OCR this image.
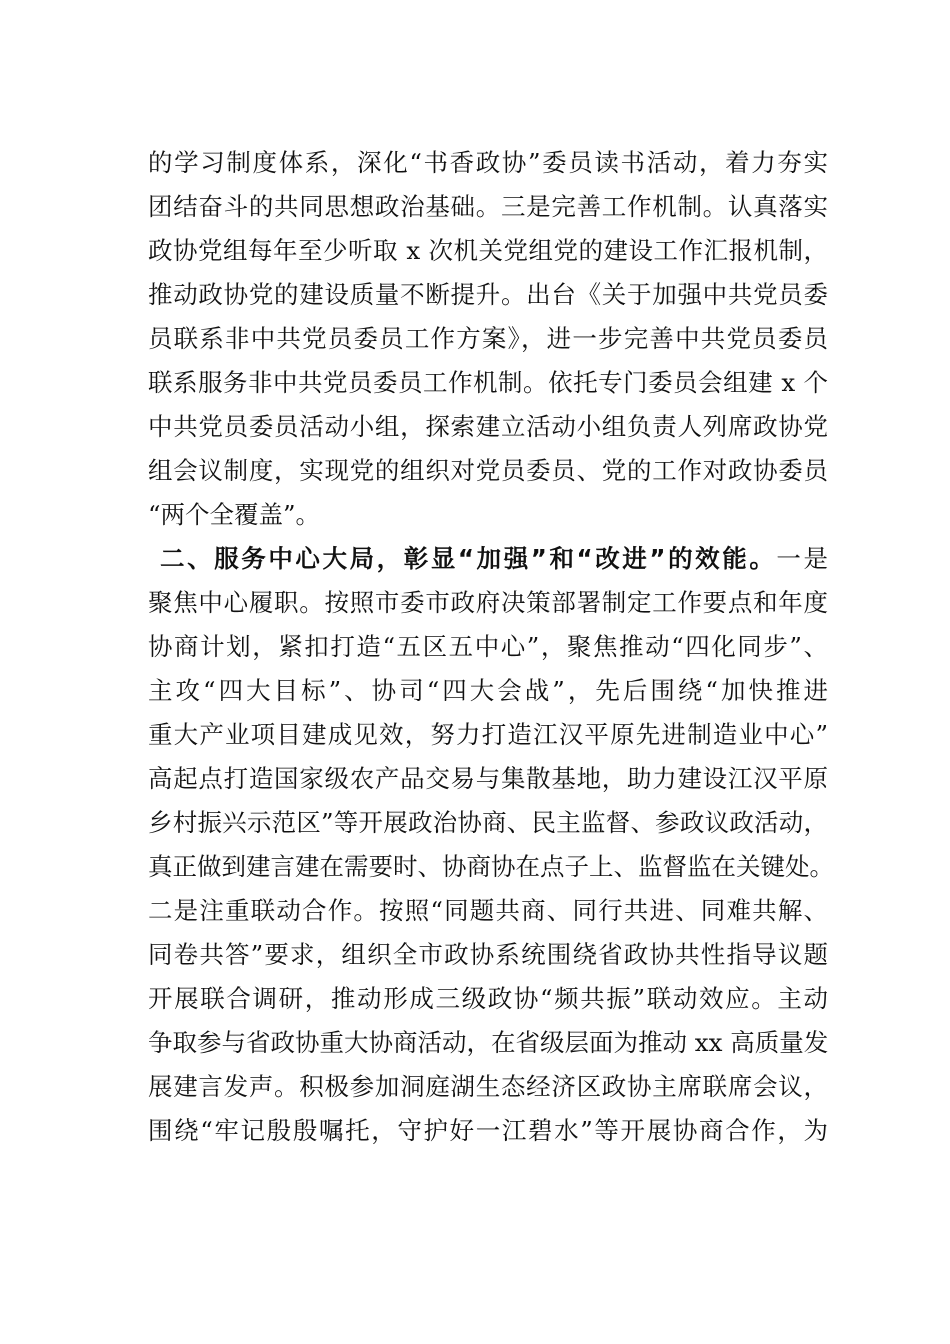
的学习制度体系，深化“书香政协”委员读书活动，着力夯实
团结奋斗的共同思想政治基础。三是完善工作机制。认真落实
政协党组每年至少听取 x 次机关党组党的建设工作汇报机制，
推动政协党的建设质量不断提升。出台《关于加强中共党员委
员联系非中共党员委员工作方案》，进一步完善中共党员委员
联系服务非中共党员委员工作机制。依托专门委员会组建 x 个
中共党员委员活动小组，探索建立活动小组负责人列席政协党
组会议制度，实现党的组织对党员委员、党的工作对政协委员
“两个全覆盖”。
二、服务中心大局，彰显“加强”和“改进”的效能。一是
聚焦中心履职。按照市委市政府决策部署制定工作要点和年度
协商计划，紧扣打造“五区五中心”，聚焦推动“四化同步”、
主攻“四大目标”、协司“四大会战”，先后围绕“加快推进
重大产业项目建成见效，努力打造江汉平原先进制造业中心”
高起点打造国家级农产品交易与集散基地，助力建设江汉平原
乡村振兴示范区”等开展政治协商、民主监督、参政议政活动，
真正做到建言建在需要时、协商协在点子上、监督监在关键处。
二是注重联动合作。按照“同题共商、同行共进、同难共解、
同卷共答”要求，组织全市政协系统围绕省政协共性指导议题
开展联合调研，推动形成三级政协“频共振”联动效应。主动
争取参与省政协重大协商活动，在省级层面为推动 xx 高质量发
展建言发声。积极参加洞庭湖生态经济区政协主席联席会议，
围绕“牢记殷殷嘱托，守护好一江碧水”等开展协商合作，为
